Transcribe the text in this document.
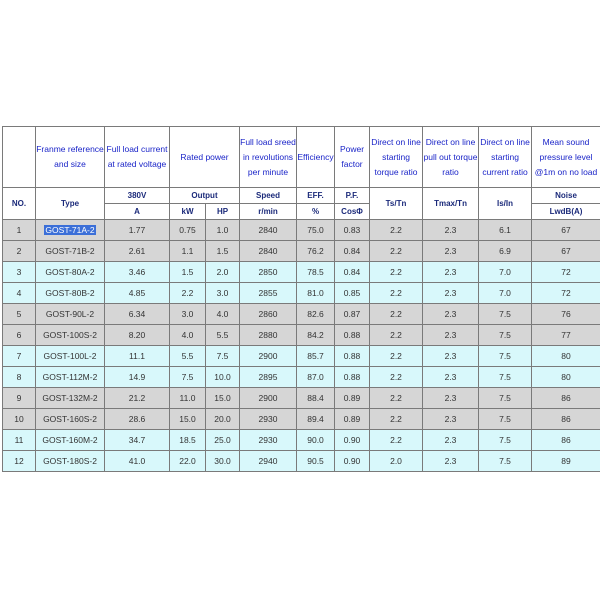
	Franme reference and size	Full load current at rated voltage	Rated power		Full load sreed in revolutions per minute	Efficiency	Power factor	Direct on line starting torque ratio	Direct on line pull out torque ratio	Direct on line starting current ratio	Mean sound pressure level @1m on no load
NO.	Type	380V	Output		Speed	EFF.	P.F.	Ts/Tn	Tmax/Tn	Is/In	Noise
		A	kW	HP	r/min	%	CosΦ				LwdB(A)
1	GOST-71A-2	1.77	0.75	1.0	2840	75.0	0.83	2.2	2.3	6.1	67
2	GOST-71B-2	2.61	1.1	1.5	2840	76.2	0.84	2.2	2.3	6.9	67
3	GOST-80A-2	3.46	1.5	2.0	2850	78.5	0.84	2.2	2.3	7.0	72
4	GOST-80B-2	4.85	2.2	3.0	2855	81.0	0.85	2.2	2.3	7.0	72
5	GOST-90L-2	6.34	3.0	4.0	2860	82.6	0.87	2.2	2.3	7.5	76
6	GOST-100S-2	8.20	4.0	5.5	2880	84.2	0.88	2.2	2.3	7.5	77
7	GOST-100L-2	11.1	5.5	7.5	2900	85.7	0.88	2.2	2.3	7.5	80
8	GOST-112M-2	14.9	7.5	10.0	2895	87.0	0.88	2.2	2.3	7.5	80
9	GOST-132M-2	21.2	11.0	15.0	2900	88.4	0.89	2.2	2.3	7.5	86
10	GOST-160S-2	28.6	15.0	20.0	2930	89.4	0.89	2.2	2.3	7.5	86
11	GOST-160M-2	34.7	18.5	25.0	2930	90.0	0.90	2.2	2.3	7.5	86
12	GOST-180S-2	41.0	22.0	30.0	2940	90.5	0.90	2.0	2.3	7.5	89
